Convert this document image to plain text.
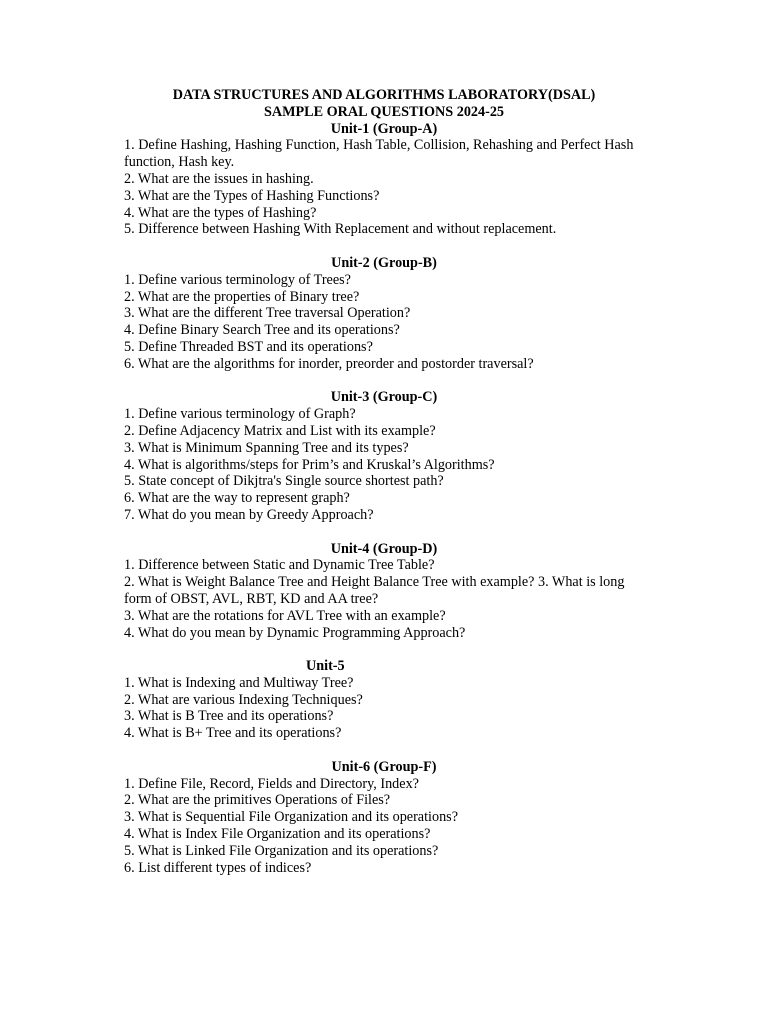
DATA STRUCTURES AND ALGORITHMS LABORATORY(DSAL)

SAMPLE ORAL QUESTIONS 2024-25

Unit-1 (Group-A)

1. Define Hashing, Hashing Function, Hash Table, Collision, Rehashing and Perfect Hash function, Hash key.

2. What are the issues in hashing.

3. What are the Types of Hashing Functions?

4. What are the types of Hashing?

5. Difference between Hashing With Replacement and without replacement.

Unit-2 (Group-B)

1. Define various terminology of Trees?

2. What are the properties of Binary tree?

3. What are the different Tree traversal Operation?

4. Define Binary Search Tree and its operations?

5. Define Threaded BST and its operations?

6. What are the algorithms for inorder, preorder and postorder traversal?

Unit-3 (Group-C)

1. Define various terminology of Graph?

2. Define Adjacency Matrix and List with its example?

3. What is Minimum Spanning Tree and its types?

4. What is algorithms/steps for Prim’s and Kruskal’s Algorithms?

5. State concept of Dikjtra's Single source shortest path?

6. What are the way to represent graph?

7. What do you mean by Greedy Approach?

Unit-4 (Group-D)

1. Difference between Static and Dynamic Tree Table?

2. What is Weight Balance Tree and Height Balance Tree with example? 3. What is long form of OBST, AVL, RBT, KD and AA tree?

3. What are the rotations for AVL Tree with an example?

4. What do you mean by Dynamic Programming Approach?

Unit-5

1. What is Indexing and Multiway Tree?

2. What are various Indexing Techniques?

3. What is B Tree and its operations?

4. What is B+ Tree and its operations?

Unit-6 (Group-F)

1. Define File, Record, Fields and Directory, Index?

2. What are the primitives Operations of Files?

3. What is Sequential File Organization and its operations?

4. What is Index File Organization and its operations?

5. What is Linked File Organization and its operations?

6. List different types of indices?
